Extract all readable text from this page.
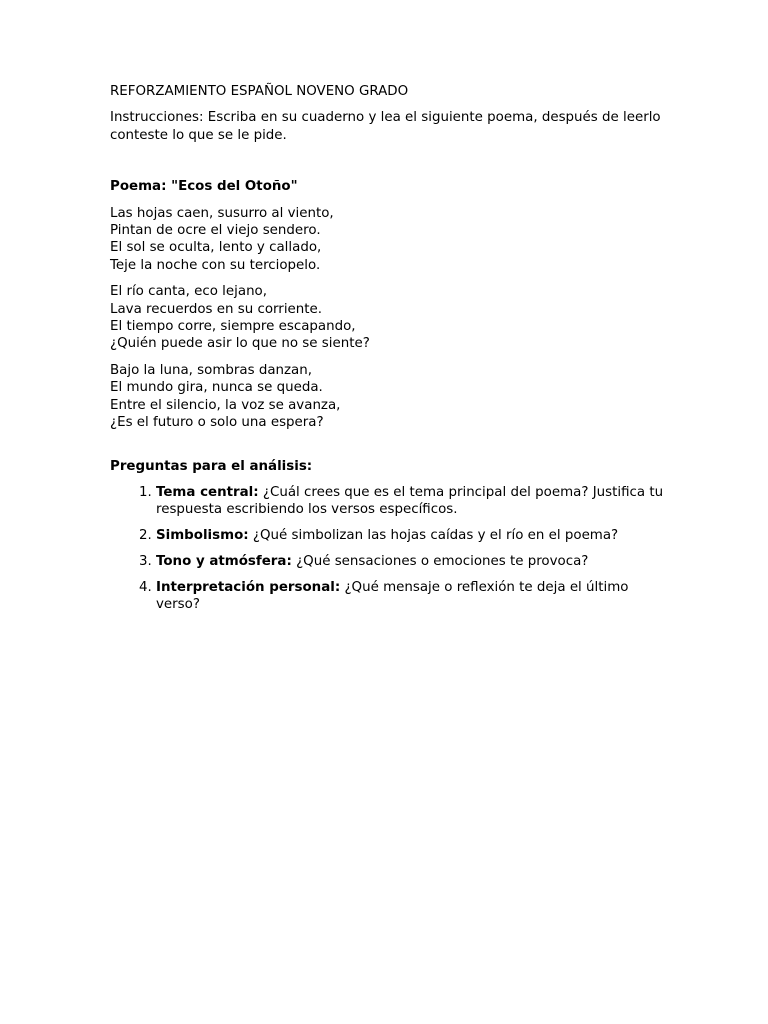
REFORZAMIENTO ESPAÑOL NOVENO GRADO

Instrucciones: Escriba en su cuaderno y lea el siguiente poema, después de leerlo conteste lo que se le pide.

Poema: "Ecos del Otoño"

Las hojas caen, susurro al viento,
Pintan de ocre el viejo sendero.
El sol se oculta, lento y callado,
Teje la noche con su terciopelo.
El río canta, eco lejano,
Lava recuerdos en su corriente.
El tiempo corre, siempre escapando,
¿Quién puede asir lo que no se siente?
Bajo la luna, sombras danzan,
El mundo gira, nunca se queda.
Entre el silencio, la voz se avanza,
¿Es el futuro o solo una espera?

Preguntas para el análisis:

1. Tema central: ¿Cuál crees que es el tema principal del poema? Justifica tu respuesta escribiendo los versos específicos.
2. Simbolismo: ¿Qué simbolizan las hojas caídas y el río en el poema?
3. Tono y atmósfera: ¿Qué sensaciones o emociones te provoca?
4. Interpretación personal: ¿Qué mensaje o reflexión te deja el último verso?
